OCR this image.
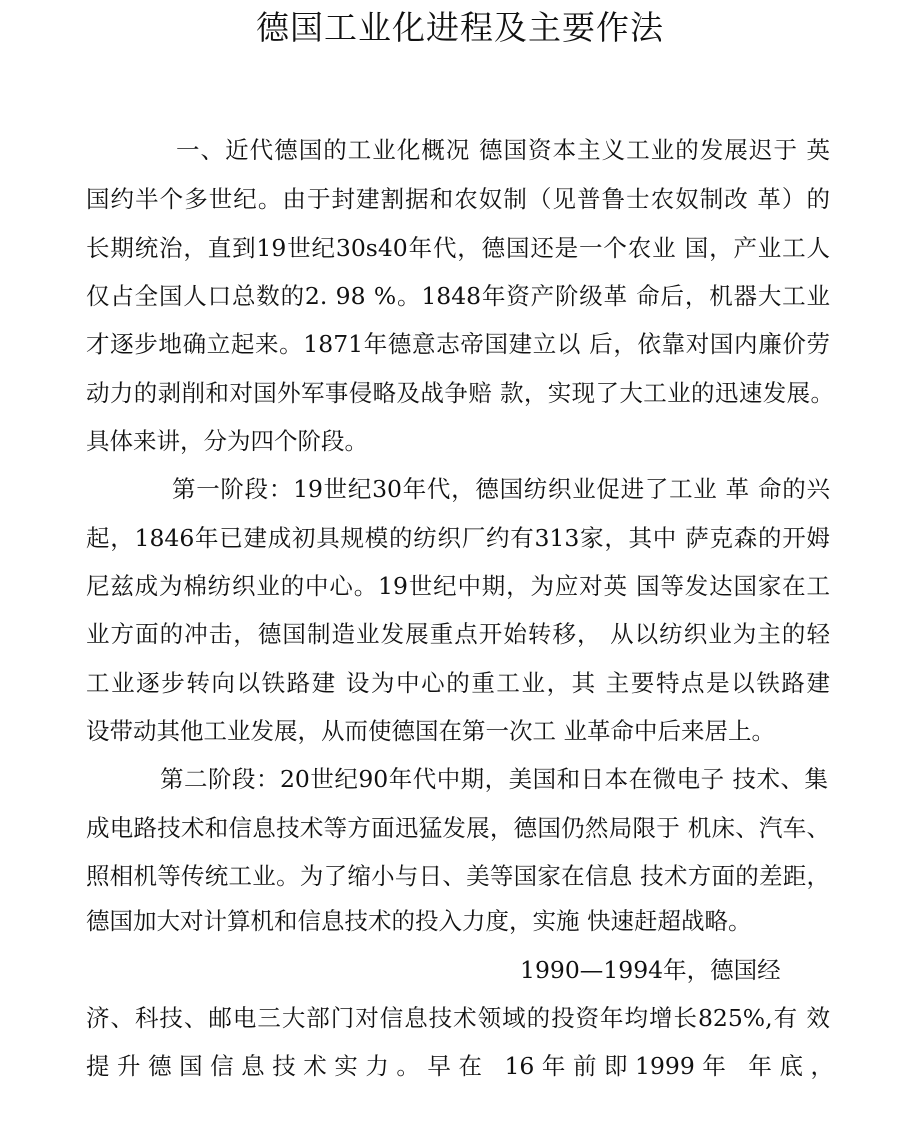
德国工业化进程及主要作法
一、近代德国的工业化概况 德国资本主义工业的发展迟于 英
国约半个多世纪。由于封建割据和农奴制（见普鲁士农奴制改 革）的
长期统治，直到19世纪30s40年代，德国还是一个农业 国，产业工人
仅占全国人口总数的2. 98 %。1848年资产阶级革 命后，机器大工业
才逐步地确立起来。1871年德意志帝国建立以 后，依靠对国内廉价劳
动力的剥削和对国外军事侵略及战争赔 款，实现了大工业的迅速发展。
具体来讲，分为四个阶段。
第一阶段：19世纪30年代，德国纺织业促进了工业 革 命的兴
起，1846年已建成初具规模的纺织厂约有313家，其中 萨克森的开姆
尼兹成为棉纺织业的中心。19世纪中期，为应对英 国等发达国家在工
业方面的冲击，德国制造业发展重点开始转移， 从以纺织业为主的轻
工业逐步转向以铁路建 设为中心的重工业，其 主要特点是以铁路建
设带动其他工业发展，从而使德国在第一次工 业革命中后来居上。
第二阶段：20世纪90年代中期，美国和日本在微电子 技术、集
成电路技术和信息技术等方面迅猛发展，德国仍然局限于 机床、汽车、
照相机等传统工业。为了缩小与日、美等国家在信息 技术方面的差距，
德国加大对计算机和信息技术的投入力度，实施 快速赶超战略。
1990—1994年，德国经
济、科技、邮电三大部门对信息技术领域的投资年均增长825%,有 效
提升德国信息技术实力。早在 16年前即1999年 年底，
